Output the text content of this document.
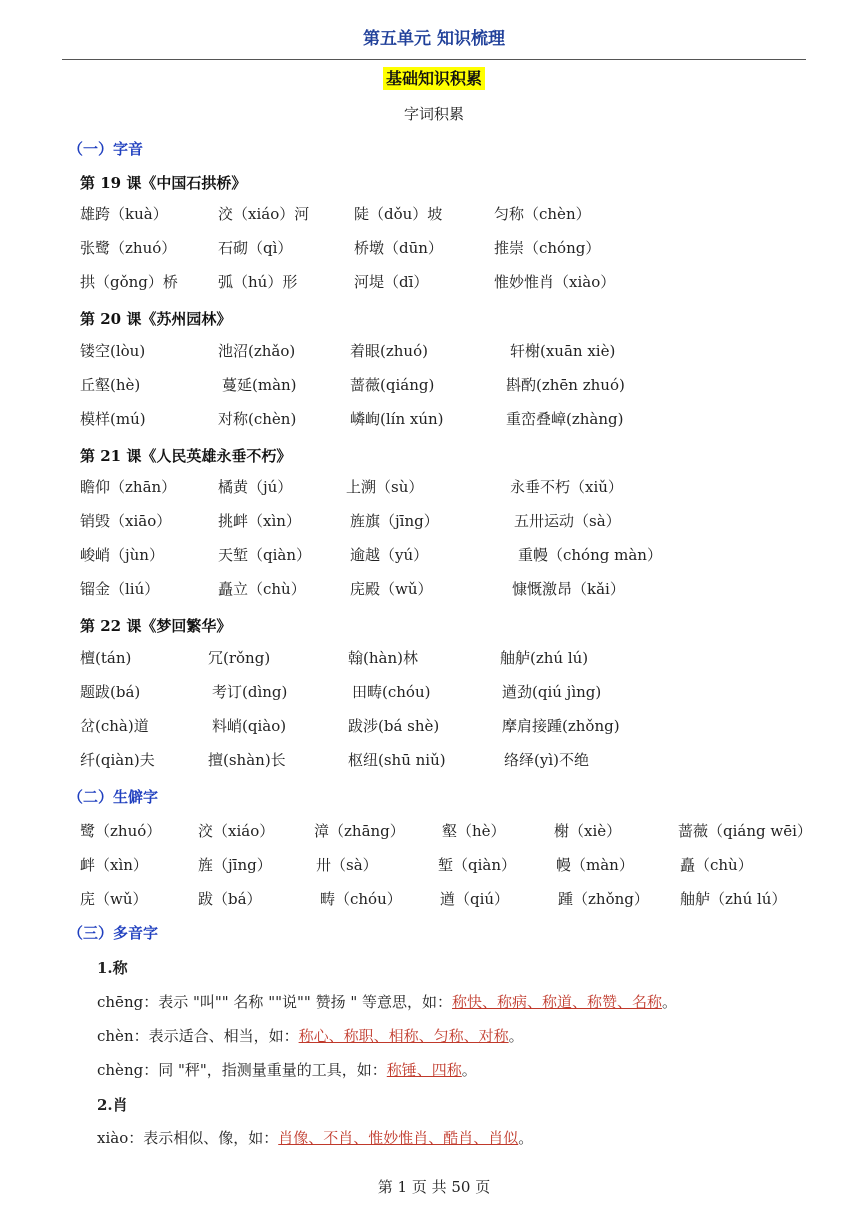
第五单元 知识梳理
基础知识积累
字词积累
（一）字音
第 19 课《中国石拱桥》
雄跨（kuà）	洨（xiáo）河	陡（dǒu）坡	匀称（chèn）
张鹭（zhuó）	石砌（qì）	桥墩（dūn）	推崇（chóng）
拱（gǒng）桥	弧（hú）形	河堤（dī）	惟妙惟肖（xiào）
第 20 课《苏州园林》
镂空(lòu)	池沼(zhǎo)	着眼(zhuó)	轩榭(xuān xiè)
丘壑(hè)	蔓延(màn)	蔷薇(qiáng)	斟酌(zhēn zhuó)
模样(mú)	对称(chèn)	嶙峋(lín xún)	重峦叠嶂(zhàng)
第 21 课《人民英雄永垂不朽》
瞻仰（zhān）	橘黄（jú）	上溯（sù）	永垂不朽（xiǔ）
销毁（xiāo）	挑衅（xìn）	旌旗（jīng）	五卅运动（sà）
峻峭（jùn）	天堑（qiàn）	逾越（yú）	重幔（chóng màn）
镏金（liú）	矗立（chù）	庑殿（wǔ）	慷慨激昂（kǎi）
第 22 课《梦回繁华》
檀(tán)	冗(rǒng)	翰(hàn)林	舳舻(zhú lú)
题跋(bá)	考订(dìng)	田畴(chóu)	遒劲(qiú jìng)
岔(chà)道	料峭(qiào)	跋涉(bá shè)	摩肩接踵(zhǒng)
纤(qiàn)夫	擅(shàn)长	枢纽(shū niǔ)	络绎(yì)不绝
（二）生僻字
鹭（zhuó） 洨（xiáo）	漳（zhāng） 壑（hè）	榭（xiè）	蔷薇（qiáng wēi）
衅（xìn）	旌（jīng）	卅（sà）	堑（qiàn）	幔（màn）	矗（chù）
庑（wǔ）	跋（bá）	畴（chóu）	遒（qiú）	踵（zhǒng） 舳舻（zhú lú）
（三）多音字
1.称
chēng：表示 "叫"" 名称 ""说"" 赞扬 " 等意思，如：称快、称病、称道、称赞、名称。
chèn：表示适合、相当，如：称心、称职、相称、匀称、对称。
chèng：同 "秤"，指测量重量的工具，如：称锤、四称。
2.肖
xiào：表示相似、像，如：肖像、不肖、惟妙惟肖、酷肖、肖似。
第 1 页 共 50 页
